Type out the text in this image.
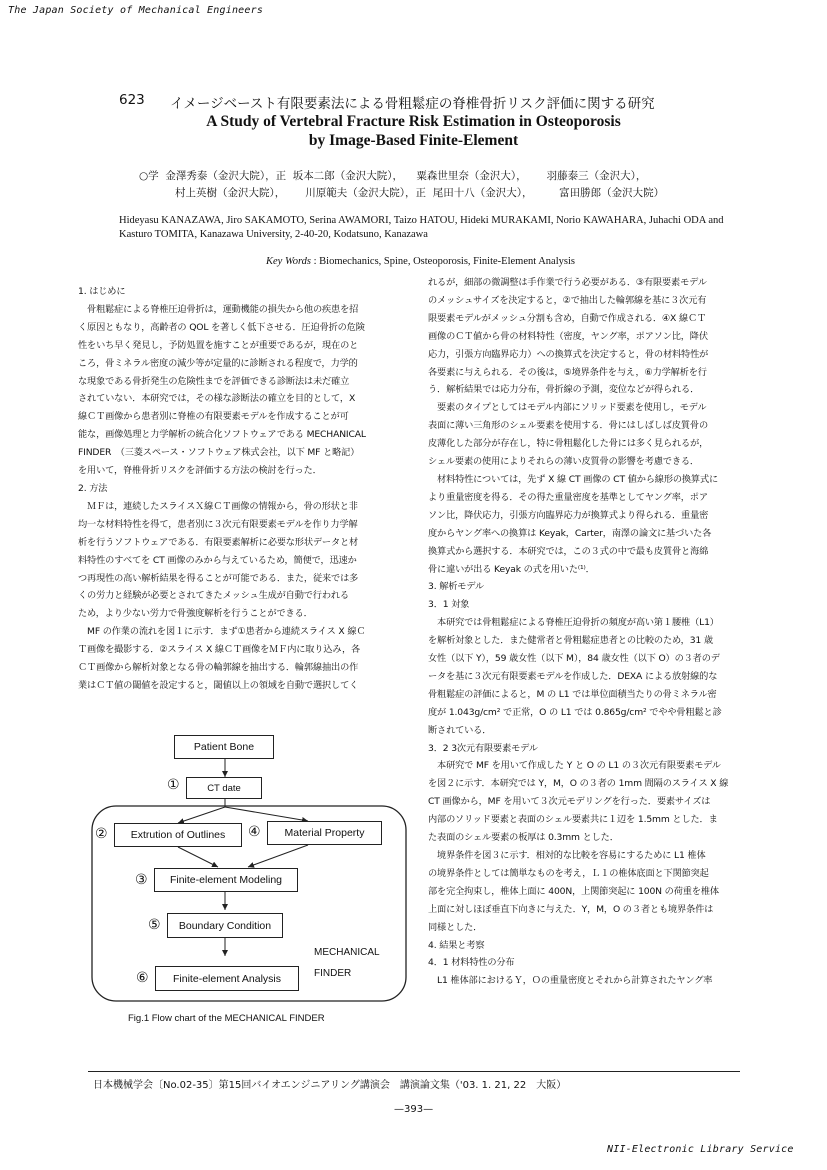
The Japan Society of Mechanical Engineers
623 イメージベースト有限要素法による骨粗鬆症の脊椎骨折リスク評価に関する研究
A Study of Vertebral Fracture Risk Estimation in Osteoporosis
by Image-Based Finite-Element
○学  金澤秀泰（金沢大院），正  坂本二郎（金沢大院），    粟森世里奈（金沢大），      羽藤泰三（金沢大），
村上英樹（金沢大院），      川原範夫（金沢大院），正  尾田十八（金沢大），        富田勝郎（金沢大院）
Hideyasu KANAZAWA, Jiro SAKAMOTO, Serina AWAMORI, Taizo HATOU, Hideki MURAKAMI, Norio KAWAHARA, Juhachi ODA and Kasturo TOMITA, Kanazawa University, 2-40-20, Kodatsuno, Kanazawa
Key Words : Biomechanics, Spine, Osteoporosis, Finite-Element Analysis

1. はじめに

　骨粗鬆症による脊椎圧迫骨折は，運動機能の損失から他の疾患を招

く原因ともなり，高齢者の QOL を著しく低下させる．圧迫骨折の危険

性をいち早く発見し，予防処置を施すことが重要であるが，現在のと

ころ，骨ミネラル密度の減少等が定量的に診断される程度で，力学的

な現象である骨折発生の危険性までを評価できる診断法は未だ確立

されていない．本研究では，その様な診断法の確立を目的として，X

線ＣＴ画像から患者別に脊椎の有限要素モデルを作成することが可

能な，画像処理と力学解析の統合化ソフトウェアである MECHANICAL

FINDER　（三菱スペース・ソフトウェア株式会社，以下 MF と略記）

を用いて，脊椎骨折リスクを評価する方法の検討を行った．

2. 方法

　ＭＦは，連続したスライスＸ線ＣＴ画像の情報から，骨の形状と非

均一な材料特性を得て，患者別に３次元有限要素モデルを作り力学解

析を行うソフトウェアである．有限要素解析に必要な形状データと材

料特性のすべてを CT 画像のみから与えているため，簡便で，迅速か

つ再現性の高い解析結果を得ることが可能である．また，従来では多

くの労力と経験が必要とされてきたメッシュ生成が自動で行われる

ため，より少ない労力で骨強度解析を行うことができる．

　MF の作業の流れを図１に示す．まず①患者から連続スライス X 線Ｃ

Ｔ画像を撮影する．②スライス X 線ＣＴ画像をＭＦ内に取り込み，各

ＣＴ画像から解析対象となる骨の輪郭線を抽出する．輪郭線抽出の作

業はＣＴ値の閾値を設定すると，閾値以上の領域を自動で選択してく

れるが，細部の微調整は手作業で行う必要がある．③有限要素モデル

のメッシュサイズを決定すると，②で抽出した輪郭線を基に３次元有

限要素モデルがメッシュ分割も含め，自動で作成される．④X 線ＣＴ

画像のＣＴ値から骨の材料特性（密度，ヤング率，ポアソン比，降伏

応力，引張方向臨界応力）への換算式を決定すると，骨の材料特性が

各要素に与えられる．その後は，⑤境界条件を与え，⑥力学解析を行

う．解析結果では応力分布，骨折線の予測，変位などが得られる．

　要素のタイプとしてはモデル内部にソリッド要素を使用し，モデル

表面に薄い三角形のシェル要素を使用する．骨にはしばしば皮質骨の

皮薄化した部分が存在し，特に骨粗鬆化した骨には多く見られるが，

シェル要素の使用によりそれらの薄い皮質骨の影響を考慮できる．

　材料特性については，先ず X 線 CT 画像の CT 値から線形の換算式に

より重量密度を得る．その得た重量密度を基準としてヤング率，ポア

ソン比，降伏応力，引張方向臨界応力が換算式より得られる．重量密

度からヤング率への換算は Keyak，Carter，南澤の論文に基づいた各

換算式から選択する．本研究では，この３式の中で最も皮質骨と海綿

骨に違いが出る Keyak の式を用いた⁽¹⁾．

3. 解析モデル

3．1 対象

　本研究では骨粗鬆症による脊椎圧迫骨折の頻度が高い第１腰椎（L1）

を解析対象とした．また健常者と骨粗鬆症患者との比較のため，31 歳

女性（以下 Y），59 歳女性（以下 M），84 歳女性（以下 O）の３者のデ

ータを基に３次元有限要素モデルを作成した．DEXA による放射線的な

骨粗鬆症の評価によると，M の L1 では単位面積当たりの骨ミネラル密

度が 1.043g/cm² で正常，O の L1 では 0.865g/cm² でやや骨粗鬆と診

断されている．

3．2 3次元有限要素モデル

　本研究で MF を用いて作成した Y と O の L1 の３次元有限要素モデル

を図２に示す．本研究では Y，M，O の３者の 1mm 間隔のスライス X 線

CT 画像から，MF を用いて３次元モデリングを行った．要素サイズは

内部のソリッド要素と表面のシェル要素共に１辺を 1.5mm とした．ま

た表面のシェル要素の板厚は 0.3mm とした．

　境界条件を図３に示す．相対的な比較を容易にするために L1 椎体

の境界条件としては簡単なものを考え，Ｌ１の椎体底面と下関節突起

部を完全拘束し，椎体上面に 400N，上関節突起に 100N の荷重を椎体

上面に対しほぼ垂直下向きに与えた．Y，M，O の３者とも境界条件は

同様とした．

4. 結果と考察

4．1 材料特性の分布

　L1 椎体部におけるＹ，Ｏの重量密度とそれから計算されたヤング率

Patient Bone
①	CT date
②	Extrution of Outlines	④	Material Property
③	Finite-element Modeling
⑤	Boundary Condition
⑥	Finite-element Analysis
MECHANICAL
FINDER
Fig.1 Flow chart of the MECHANICAL FINDER
日本機械学会〔No.02-35〕第15回バイオエンジニアリング講演会　講演論文集（'03. 1. 21, 22　大阪）
—393—
NII-Electronic Library Service
